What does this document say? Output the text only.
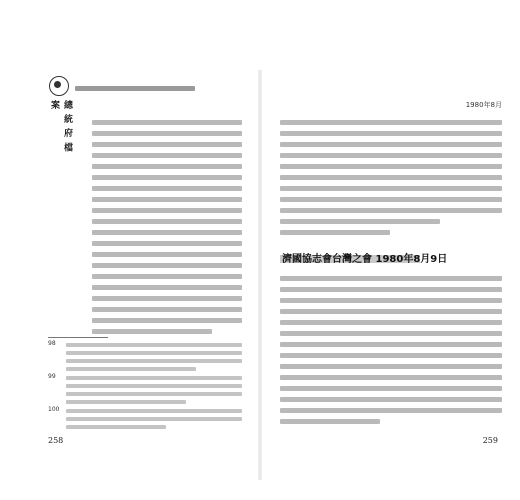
總 統 府 檔 案
98
99
100
258
1980年8月
濟國協志會台灣之會 1980年8月9日
259
